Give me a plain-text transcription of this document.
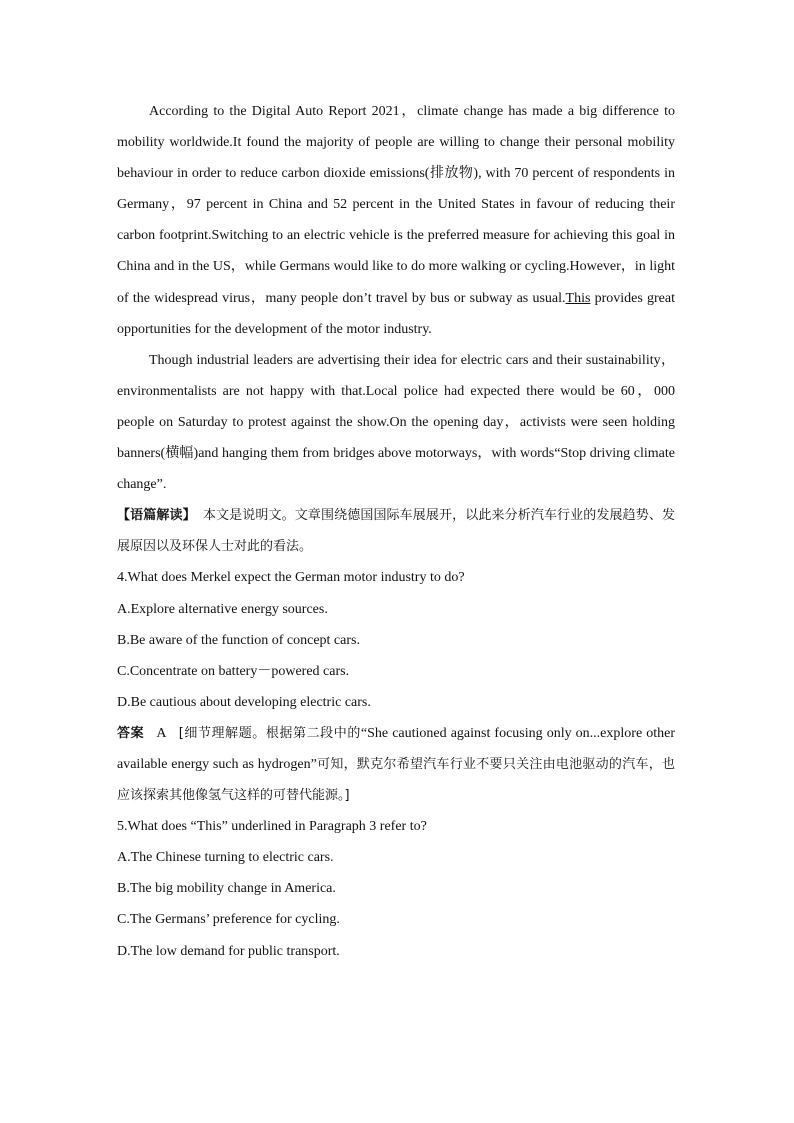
According to the Digital Auto Report 2021，climate change has made a big difference to mobility worldwide.It found the majority of people are willing to change their personal mobility behaviour in order to reduce carbon dioxide emissions(排放物), with 70 percent of respondents in Germany，97 percent in China and 52 percent in the United States in favour of reducing their carbon footprint.Switching to an electric vehicle is the preferred measure for achieving this goal in China and in the US，while Germans would like to do more walking or cycling.However，in light of the widespread virus，many people don’t travel by bus or subway as usual.This provides great opportunities for the development of the motor industry.

Though industrial leaders are advertising their idea for electric cars and their sustainability，environmentalists are not happy with that.Local police had expected there would be 60，000 people on Saturday to protest against the show.On the opening day，activists were seen holding banners(横幅)and hanging them from bridges above motorways，with words“Stop driving climate change”.

【语篇解读】 本文是说明文。文章围绕德国国际车展展开，以此来分析汽车行业的发展趋势、发展原因以及环保人士对此的看法。

4.What does Merkel expect the German motor industry to do?

A.Explore alternative energy sources.

B.Be aware of the function of concept cars.

C.Concentrate on battery－powered cars.

D.Be cautious about developing electric cars.

答案 A [细节理解题。根据第二段中的“She cautioned against focusing only on...explore other available energy such as hydrogen”可知，默克尔希望汽车行业不要只关注由电池驱动的汽车，也应该探索其他像氢气这样的可替代能源。]

5.What does “This” underlined in Paragraph 3 refer to?

A.The Chinese turning to electric cars.

B.The big mobility change in America.

C.The Germans’ preference for cycling.

D.The low demand for public transport.
